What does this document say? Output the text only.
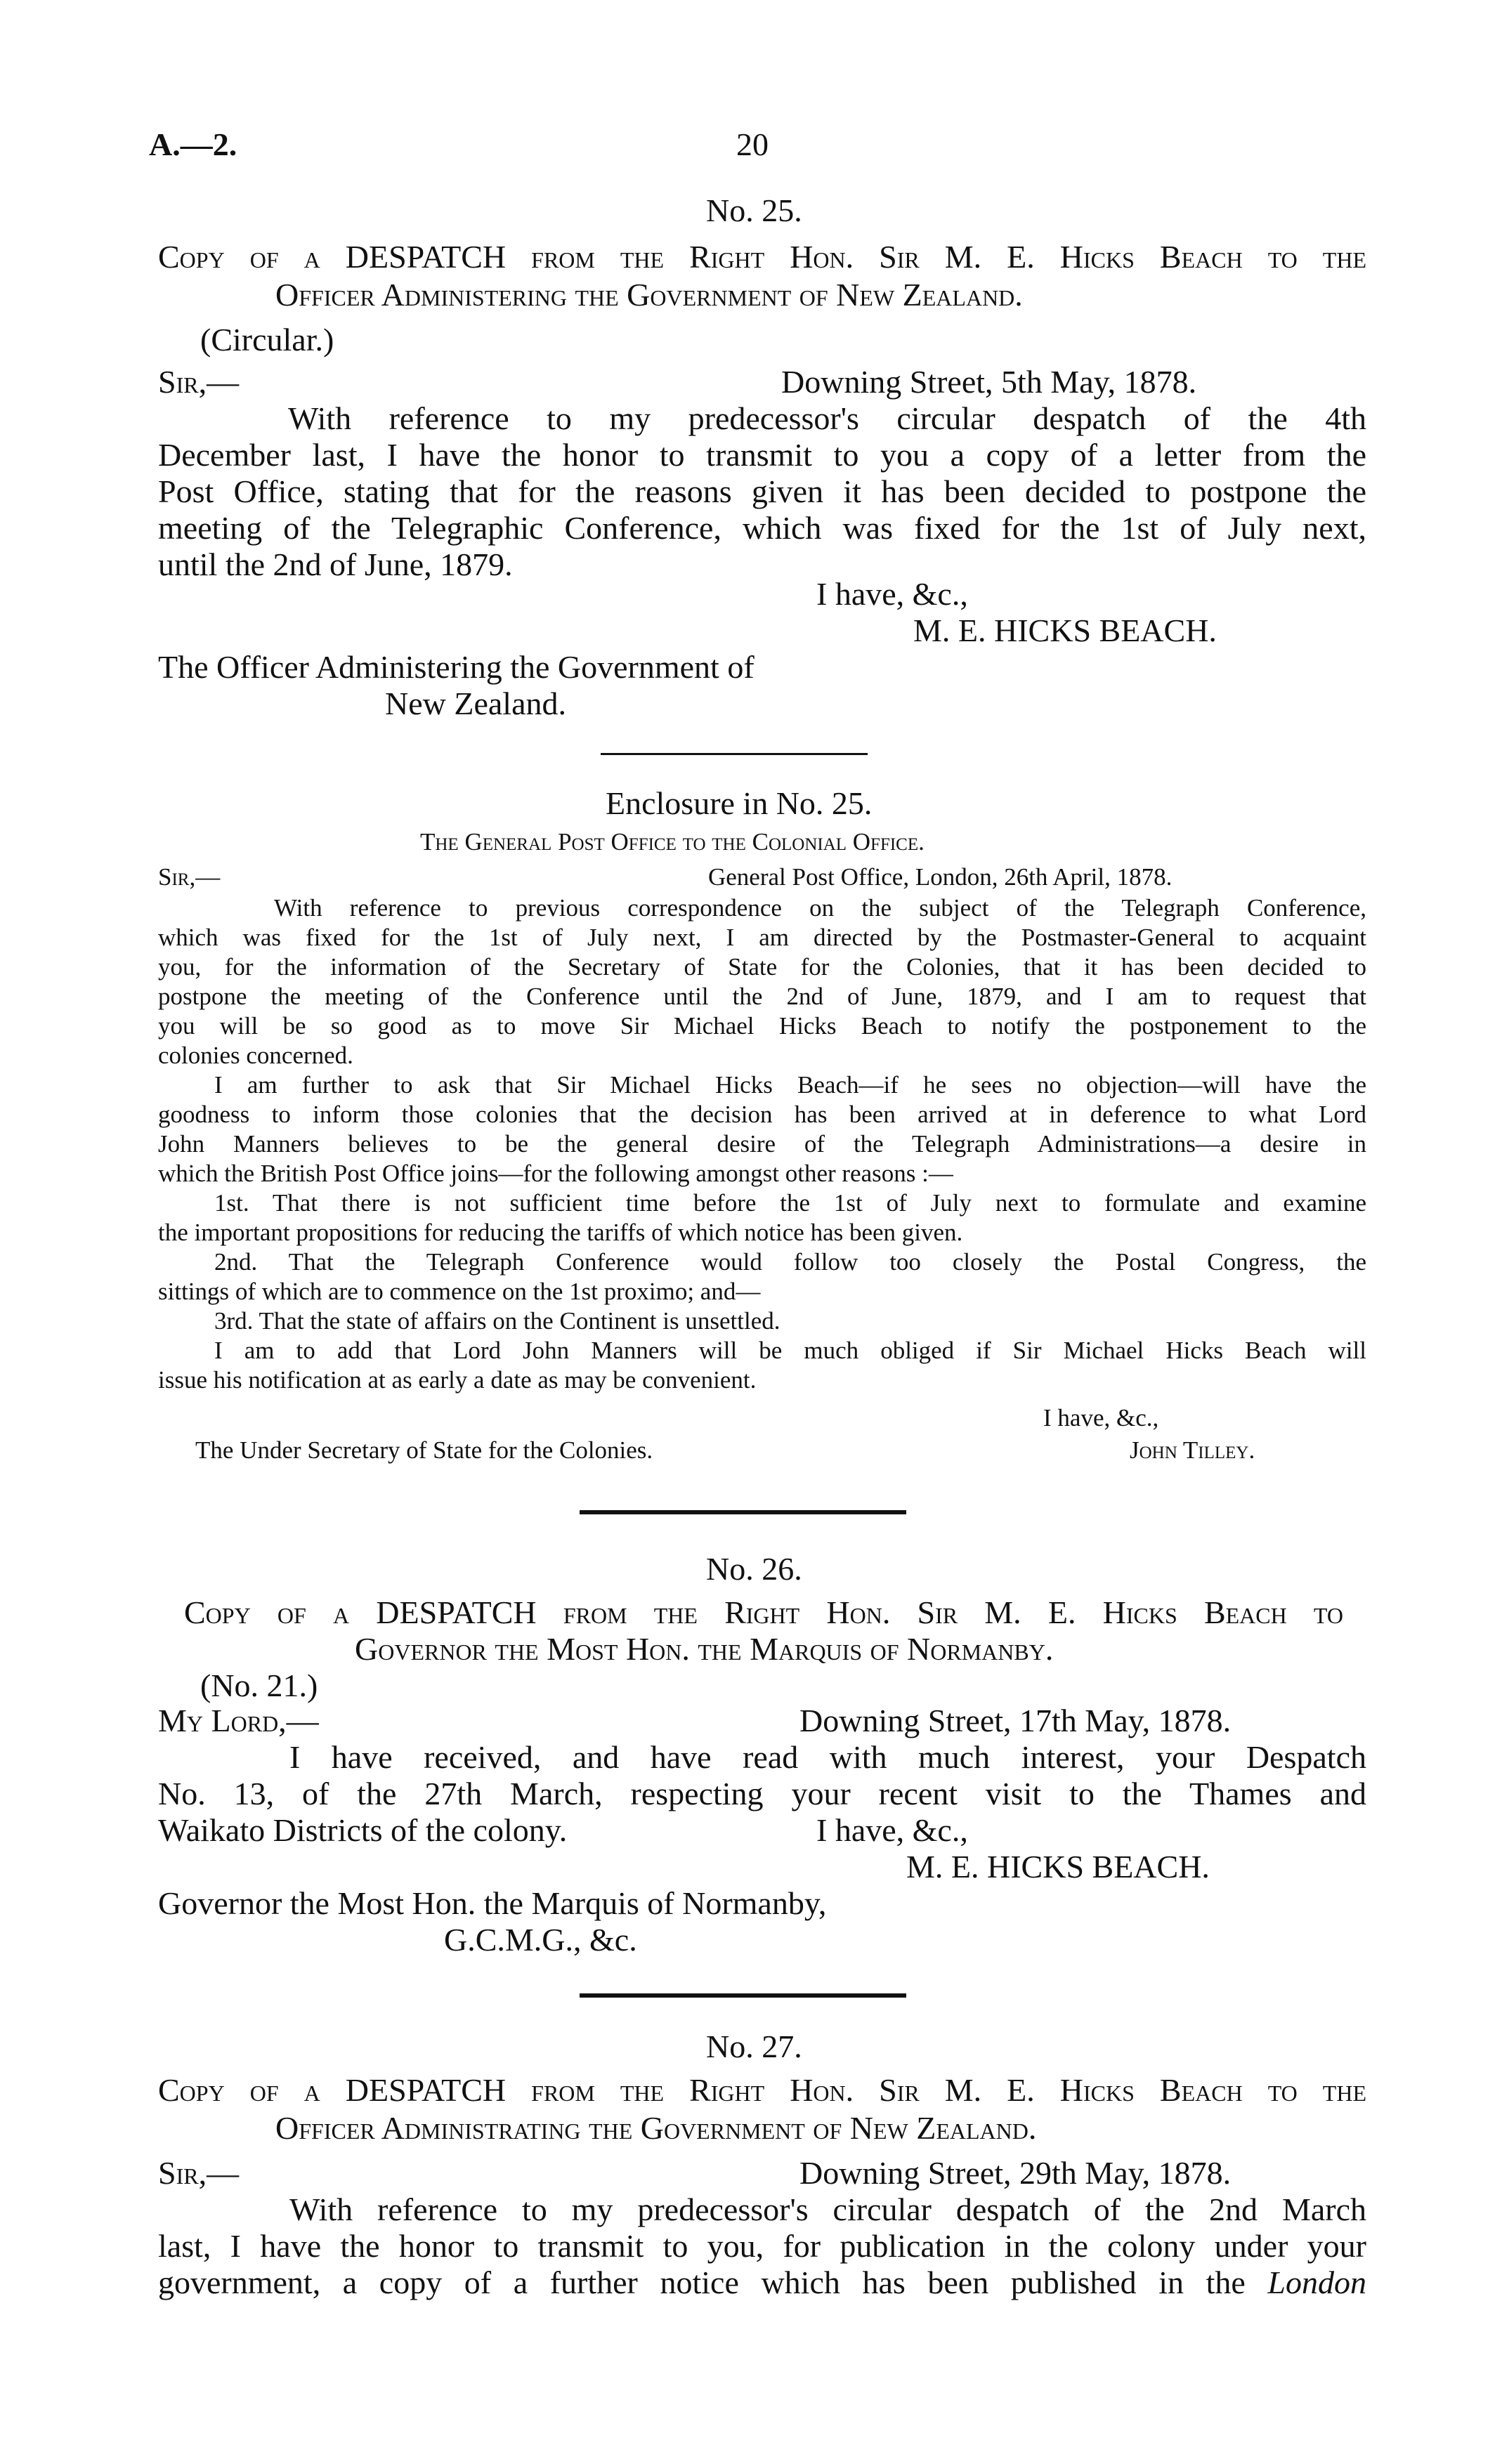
A.—2.	20
No. 25.
Copy of a DESPATCH from the Right Hon. Sir M. E. Hicks Beach to the
Officer Administering the Government of New Zealand.
(Circular.)
Sir,—	Downing Street, 5th May, 1878.
With reference to my predecessor's circular despatch of the 4th
December last, I have the honor to transmit to you a copy of a letter from the
Post Office, stating that for the reasons given it has been decided to postpone the
meeting of the Telegraphic Conference, which was fixed for the 1st of July next,
until the 2nd of June, 1879.
I have, &c.,
M. E. HICKS BEACH.
The Officer Administering the Government of
New Zealand.
Enclosure in No. 25.
The General Post Office to the Colonial Office.
Sir,—	General Post Office, London, 26th April, 1878.
With reference to previous correspondence on the subject of the Telegraph Conference,
which was fixed for the 1st of July next, I am directed by the Postmaster-General to acquaint
you, for the information of the Secretary of State for the Colonies, that it has been decided to
postpone the meeting of the Conference until the 2nd of June, 1879, and I am to request that
you will be so good as to move Sir Michael Hicks Beach to notify the postponement to the
colonies concerned.
I am further to ask that Sir Michael Hicks Beach—if he sees no objection—will have the
goodness to inform those colonies that the decision has been arrived at in deference to what Lord
John Manners believes to be the general desire of the Telegraph Administrations—a desire in
which the British Post Office joins—for the following amongst other reasons :—
1st. That there is not sufficient time before the 1st of July next to formulate and examine
the important propositions for reducing the tariffs of which notice has been given.
2nd. That the Telegraph Conference would follow too closely the Postal Congress, the
sittings of which are to commence on the 1st proximo; and—
3rd. That the state of affairs on the Continent is unsettled.
I am to add that Lord John Manners will be much obliged if Sir Michael Hicks Beach will
issue his notification at as early a date as may be convenient.
I have, &c.,
The Under Secretary of State for the Colonies.	John Tilley.
No. 26.
Copy of a DESPATCH from the Right Hon. Sir M. E. Hicks Beach to
Governor the Most Hon. the Marquis of Normanby.
(No. 21.)
My Lord,—	Downing Street, 17th May, 1878.
I have received, and have read with much interest, your Despatch
No. 13, of the 27th March, respecting your recent visit to the Thames and
Waikato Districts of the colony.	I have, &c.,
M. E. HICKS BEACH.
Governor the Most Hon. the Marquis of Normanby,
G.C.M.G., &c.
No. 27.
Copy of a DESPATCH from the Right Hon. Sir M. E. Hicks Beach to the
Officer Administrating the Government of New Zealand.
Sir,—	Downing Street, 29th May, 1878.
With reference to my predecessor's circular despatch of the 2nd March
last, I have the honor to transmit to you, for publication in the colony under your
government, a copy of a further notice which has been published in the London
